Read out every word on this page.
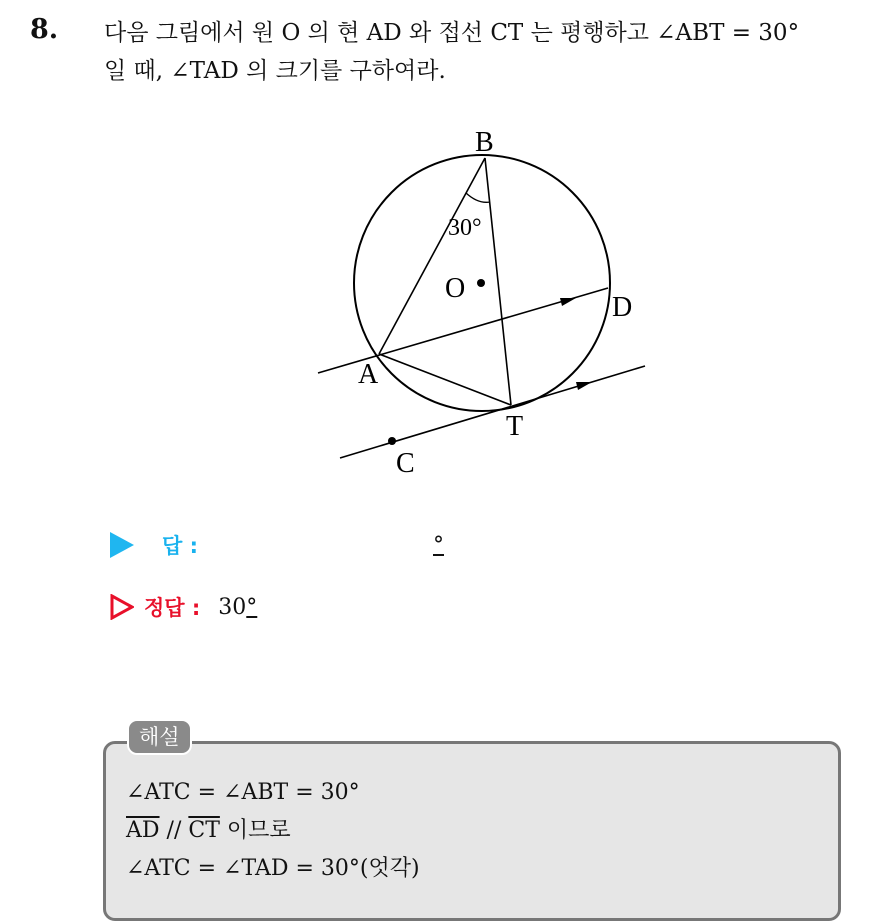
8. 다음 그림에서 원 O 의 현 AD 와 접선 CT 는 평행하고 ∠ABT = 30°
일 때, ∠TAD 의 크기를 구하여라.
B
30°
O
D
A
T
C
답 :	°
정답 : 30 °
해설
∠ATC = ∠ABT = 30°
$\overline{AD} // \overline{CT}$ 이므로
∠ATC = ∠TAD = 30°(엇각)
